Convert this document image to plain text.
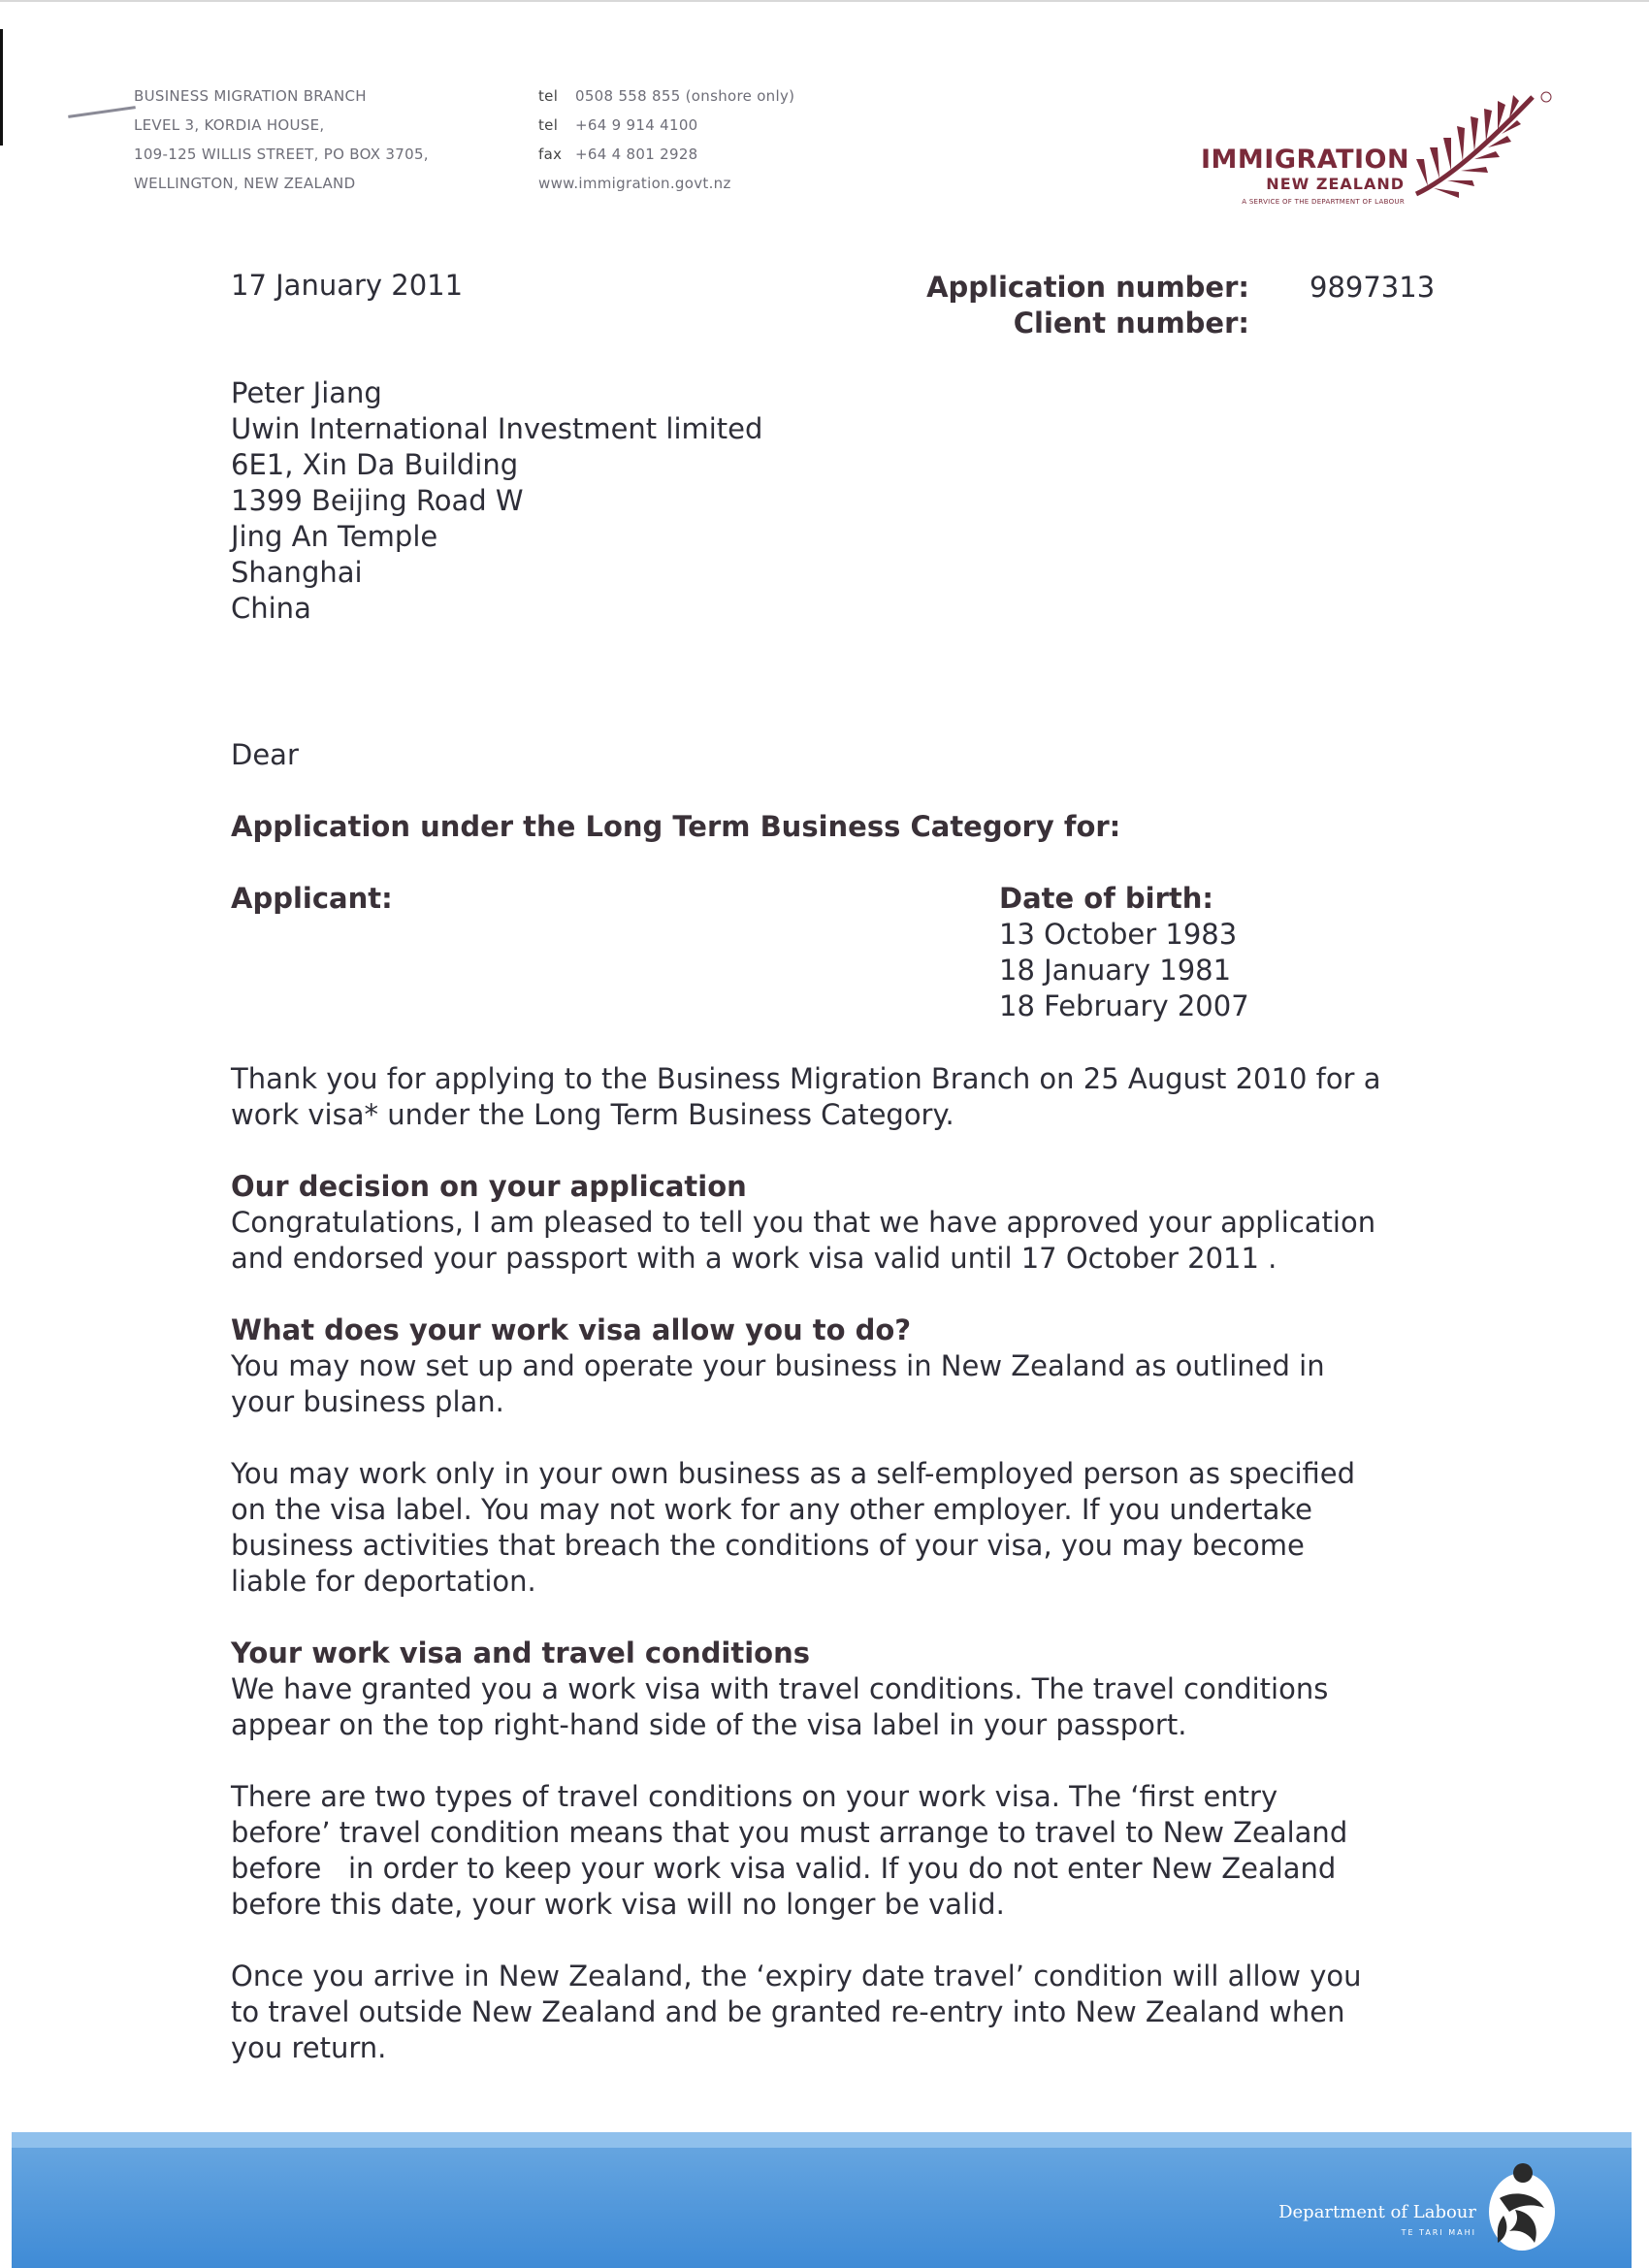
BUSINESS MIGRATION BRANCH
LEVEL 3, KORDIA HOUSE,
109-125 WILLIS STREET, PO BOX 3705,
WELLINGTON, NEW ZEALAND
tel 0508 558 855 (onshore only)
tel +64 9 914 4100
fax +64 4 801 2928
www.immigration.govt.nz
IMMIGRATION
NEW ZEALAND
A SERVICE OF THE DEPARTMENT OF LABOUR
17 January 2011	Application number:
Client number:
9897313
Peter Jiang
Uwin International Investment limited
6E1, Xin Da Building
1399 Beijing Road W
Jing An Temple
Shanghai
China
Dear
Application under the Long Term Business Category for:
Applicant:	Date of birth:
13 October 1983
18 January 1981
18 February 2007
Thank you for applying to the Business Migration Branch on 25 August 2010 for a
work visa* under the Long Term Business Category.
Our decision on your application
Congratulations, I am pleased to tell you that we have approved your application
and endorsed your passport with a work visa valid until 17 October 2011 .
What does your work visa allow you to do?
You may now set up and operate your business in New Zealand as outlined in
your business plan.
You may work only in your own business as a self-employed person as specified
on the visa label. You may not work for any other employer. If you undertake
business activities that breach the conditions of your visa, you may become
liable for deportation.
Your work visa and travel conditions
We have granted you a work visa with travel conditions. The travel conditions
appear on the top right-hand side of the visa label in your passport.
There are two types of travel conditions on your work visa. The ‘first entry
before’ travel condition means that you must arrange to travel to New Zealand
before   in order to keep your work visa valid. If you do not enter New Zealand
before this date, your work visa will no longer be valid.
Once you arrive in New Zealand, the ‘expiry date travel’ condition will allow you
to travel outside New Zealand and be granted re-entry into New Zealand when
you return.
Department of Labour
TE TARI MAHI
